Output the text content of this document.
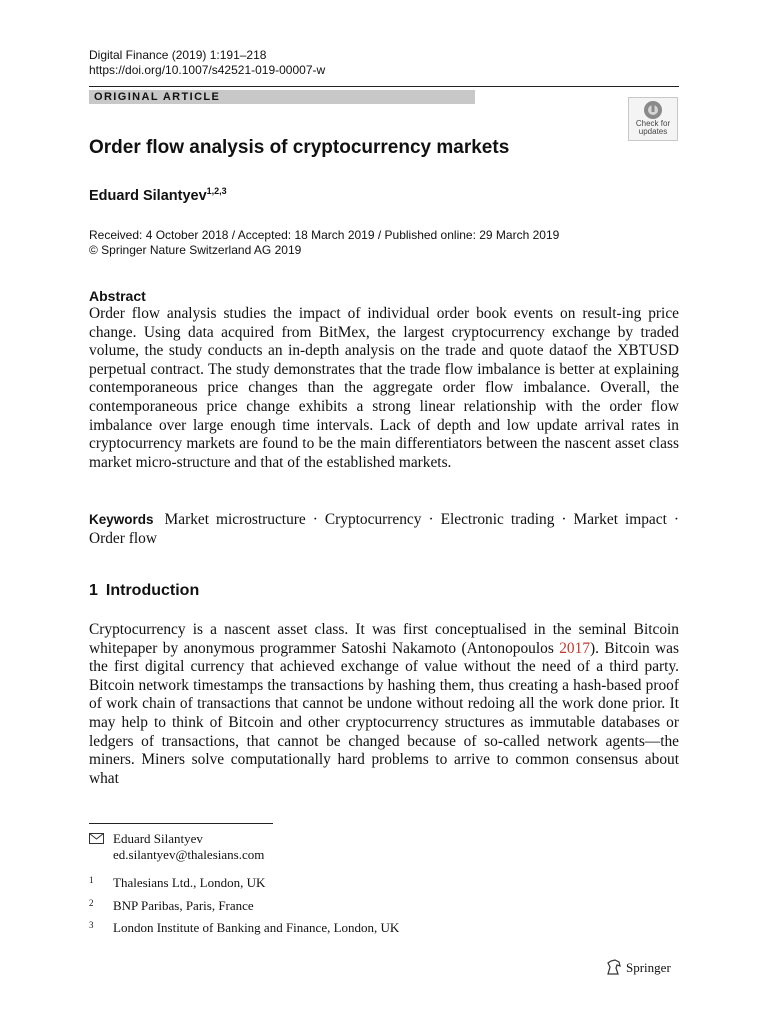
Digital Finance (2019) 1:191–218
https://doi.org/10.1007/s42521-019-00007-w
ORIGINAL ARTICLE
Check for
updates
Order flow analysis of cryptocurrency markets
Eduard Silantyev$^{1,2,3}$
Received: 4 October 2018 / Accepted: 18 March 2019 / Published online: 29 March 2019
© Springer Nature Switzerland AG 2019
Abstract

Order flow analysis studies the impact of individual order book events on result-ing price change. Using data acquired from BitMex, the largest cryptocurrency exchange by traded volume, the study conducts an in-depth analysis on the trade and quote dataof the XBTUSD perpetual contract. The study demonstrates that the trade flow imbalance is better at explaining contemporaneous price changes than the aggregate order flow imbalance. Overall, the contemporaneous price change exhibits a strong linear relationship with the order flow imbalance over large enough time intervals. Lack of depth and low update arrival rates in cryptocurrency markets are found to be the main differentiators between the nascent asset class market micro-structure and that of the established markets.

Keywords Market microstructure · Cryptocurrency · Electronic trading · Market impact · Order flow

1 Introduction

Cryptocurrency is a nascent asset class. It was first conceptualised in the seminal Bitcoin whitepaper by anonymous programmer Satoshi Nakamoto (Antonopoulos 2017). Bitcoin was the first digital currency that achieved exchange of value without the need of a third party. Bitcoin network timestamps the transactions by hashing them, thus creating a hash-based proof of work chain of transactions that cannot be undone without redoing all the work done prior. It may help to think of Bitcoin and other cryptocurrency structures as immutable databases or ledgers of transactions, that cannot be changed because of so-called network agents—the miners. Miners solve computationally hard problems to arrive to common consensus about what

Eduard Silantyev
ed.silantyev@thalesians.com
1 Thalesians Ltd., London, UK
2 BNP Paribas, Paris, France
3 London Institute of Banking and Finance, London, UK
Springer
